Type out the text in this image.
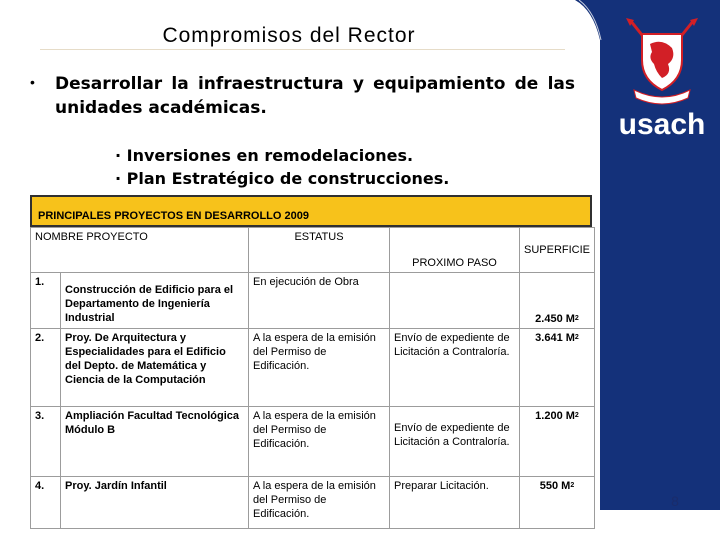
usach
Compromisos del Rector
• Desarrollar la infraestructura y equipamiento de las unidades académicas.
· Inversiones en remodelaciones.
· Plan Estratégico de construcciones.
PRINCIPALES PROYECTOS EN DESARROLLO 2009
NOMBRE PROYECTO		ESTATUS	PROXIMO PASO	SUPERFICIE
1.	Construcción de Edificio para el Departamento de Ingeniería Industrial	En ejecución de Obra		2.450 $M^2$
2.	Proy. De Arquitectura y Especialidades para el Edificio del Depto. de Matemática y Ciencia de la Computación	A la espera de la emisión del Permiso de Edificación.	Envío de expediente de Licitación a Contraloría.	3.641 $M^2$
3.	Ampliación Facultad Tecnológica Módulo B	A la espera de la emisión del Permiso de Edificación.	Envío de expediente de Licitación a Contraloría.	1.200 $M^2$
4.	Proy. Jardín Infantil	A la espera de la emisión del Permiso de Edificación.	Preparar Licitación.	550 $M^2$
8
